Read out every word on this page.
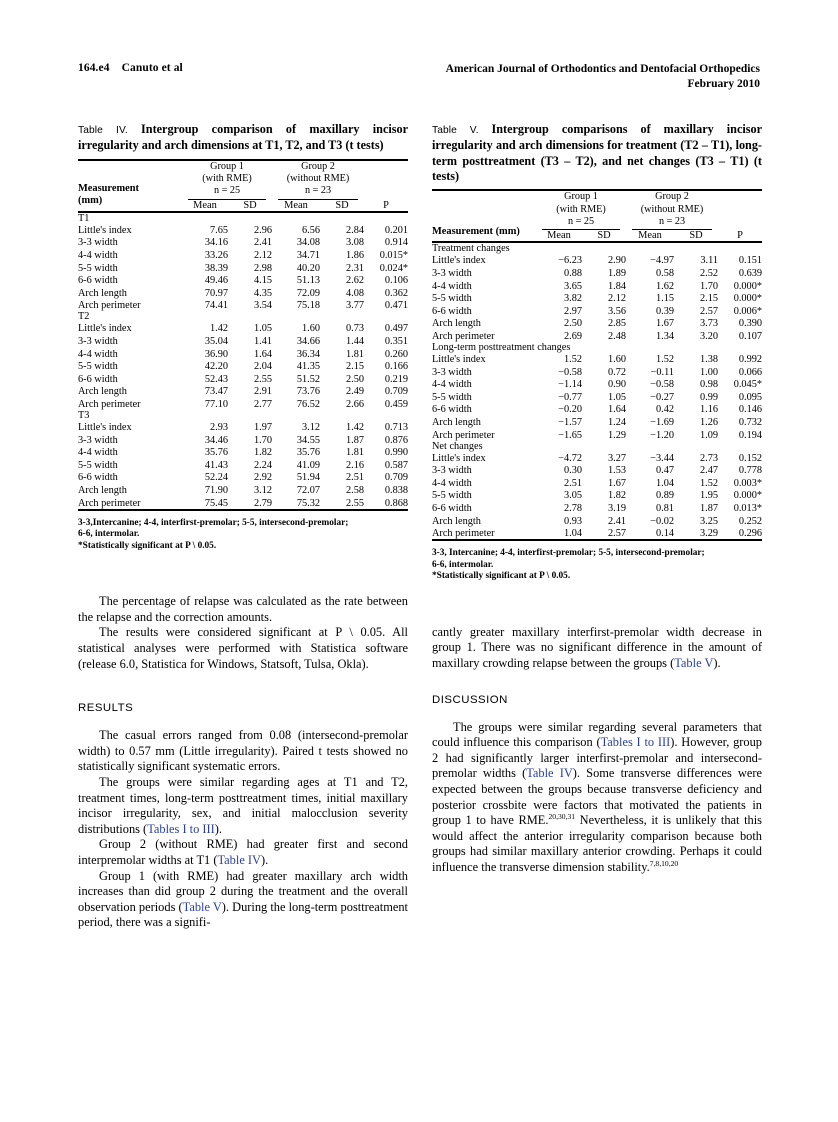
164.e4 Canuto et al	American Journal of Orthodontics and Dentofacial Orthopedics
February 2010
Table IV. Intergroup comparison of maxillary incisor irregularity and arch dimensions at T1, T2, and T3 (t tests)
Measurement
(mm)

Group 1
(with RME)
n = 25

Group 2
(without RME)
n = 23

	Mean	SD	Mean	SD	P
T1					
Little's index	7.65	2.96	6.56	2.84	0.201
3-3 width	34.16	2.41	34.08	3.08	0.914
4-4 width	33.26	2.12	34.71	1.86	0.015*
5-5 width	38.39	2.98	40.20	2.31	0.024*
6-6 width	49.46	4.15	51.13	2.62	0.106
Arch length	70.97	4.35	72.09	4.08	0.362
Arch perimeter	74.41	3.54	75.18	3.77	0.471
T2					
Little's index	1.42	1.05	1.60	0.73	0.497
3-3 width	35.04	1.41	34.66	1.44	0.351
4-4 width	36.90	1.64	36.34	1.81	0.260
5-5 width	42.20	2.04	41.35	2.15	0.166
6-6 width	52.43	2.55	51.52	2.50	0.219
Arch length	73.47	2.91	73.76	2.49	0.709
Arch perimeter	77.10	2.77	76.52	2.66	0.459
T3					
Little's index	2.93	1.97	3.12	1.42	0.713
3-3 width	34.46	1.70	34.55	1.87	0.876
4-4 width	35.76	1.82	35.76	1.81	0.990
5-5 width	41.43	2.24	41.09	2.16	0.587
6-6 width	52.24	2.92	51.94	2.51	0.709
Arch length	71.90	3.12	72.07	2.58	0.838
Arch perimeter	75.45	2.79	75.32	2.55	0.868

3-3,Intercanine; 4-4, interfirst-premolar; 5-5, intersecond-premolar;
6-6, intermolar.
*Statistically significant at P \ 0.05.

The percentage of relapse was calculated as the rate between the relapse and the correction amounts.

The results were considered significant at P \ 0.05. All statistical analyses were performed with Statistica software (release 6.0, Statistica for Windows, Statsoft, Tulsa, Okla).

RESULTS

The casual errors ranged from 0.08 (intersecond-premolar width) to 0.57 mm (Little irregularity). Paired t tests showed no statistically significant systematic errors.

The groups were similar regarding ages at T1 and T2, treatment times, long-term posttreatment times, initial maxillary incisor irregularity, sex, and initial malocclusion severity distributions (Tables I to III).

Group 2 (without RME) had greater first and second interpremolar widths at T1 (Table IV).

Group 1 (with RME) had greater maxillary arch width increases than did group 2 during the treatment and the overall observation periods (Table V). During the long-term posttreatment period, there was a signifi-

Table V. Intergroup comparisons of maxillary incisor irregularity and arch dimensions for treatment (T2 – T1), long-term posttreatment (T3 – T2), and net changes (T3 – T1) (t tests)
Measurement (mm)

Group 1
(with RME)
n = 25

Group 2
(without RME)
n = 23

	Mean	SD	Mean	SD	P
Treatment changes					
Little's index	−6.23	2.90	−4.97	3.11	0.151
3-3 width	0.88	1.89	0.58	2.52	0.639
4-4 width	3.65	1.84	1.62	1.70	0.000*
5-5 width	3.82	2.12	1.15	2.15	0.000*
6-6 width	2.97	3.56	0.39	2.57	0.006*
Arch length	2.50	2.85	1.67	3.73	0.390
Arch perimeter	2.69	2.48	1.34	3.20	0.107
Long-term posttreatment changes					
Little's index	1.52	1.60	1.52	1.38	0.992
3-3 width	−0.58	0.72	−0.11	1.00	0.066
4-4 width	−1.14	0.90	−0.58	0.98	0.045*
5-5 width	−0.77	1.05	−0.27	0.99	0.095
6-6 width	−0.20	1.64	0.42	1.16	0.146
Arch length	−1.57	1.24	−1.69	1.26	0.732
Arch perimeter	−1.65	1.29	−1.20	1.09	0.194
Net changes					
Little's index	−4.72	3.27	−3.44	2.73	0.152
3-3 width	0.30	1.53	0.47	2.47	0.778
4-4 width	2.51	1.67	1.04	1.52	0.003*
5-5 width	3.05	1.82	0.89	1.95	0.000*
6-6 width	2.78	3.19	0.81	1.87	0.013*
Arch length	0.93	2.41	−0.02	3.25	0.252
Arch perimeter	1.04	2.57	0.14	3.29	0.296

3-3, Intercanine; 4-4, interfirst-premolar; 5-5, intersecond-premolar;
6-6, intermolar.
*Statistically significant at P \ 0.05.

cantly greater maxillary interfirst-premolar width decrease in group 1. There was no significant difference in the amount of maxillary crowding relapse between the groups (Table V).

DISCUSSION

The groups were similar regarding several parameters that could influence this comparison (Tables I to III). However, group 2 had significantly larger interfirst-premolar and intersecond-premolar widths (Table IV). Some transverse differences were expected between the groups because transverse deficiency and posterior crossbite were factors that motivated the patients in group 1 to have RME.$^{20,30,31}$ Nevertheless, it is unlikely that this would affect the anterior irregularity comparison because both groups had similar maxillary anterior crowding. Perhaps it could influence the transverse dimension stability.$^{7,8,10,20}$
